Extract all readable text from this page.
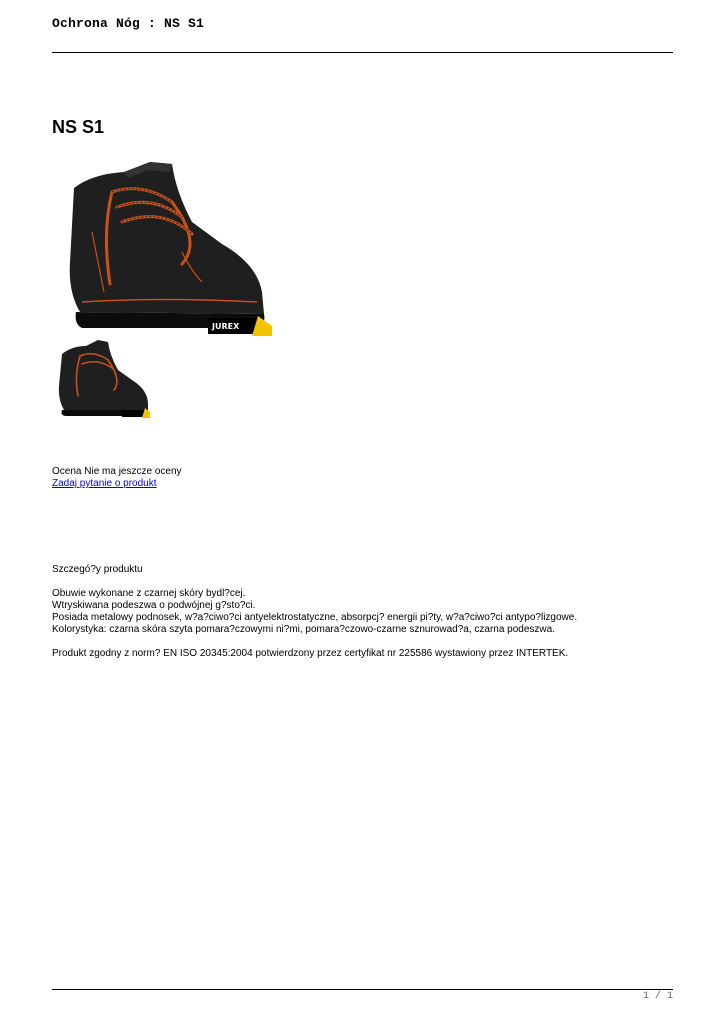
Ochrona Nóg : NS S1
NS S1
JUREX
Ocena Nie ma jeszcze oceny
Zadaj pytanie o produkt
Szczegó?y produktu
Obuwie wykonane z czarnej skóry bydl?cej.
Wtryskiwana podeszwa o podwójnej g?sto?ci.
Posiada metalowy podnosek, w?a?ciwo?ci antyelektrostatyczne, absorpcj? energii pi?ty, w?a?ciwo?ci antypo?lizgowe.
Kolorystyka: czarna skóra szyta pomara?czowymi ni?mi, pomara?czowo-czarne sznurowad?a, czarna podeszwa.
Produkt zgodny z norm? EN ISO 20345:2004 potwierdzony przez certyfikat nr 225586 wystawiony przez INTERTEK.
1 / 1
